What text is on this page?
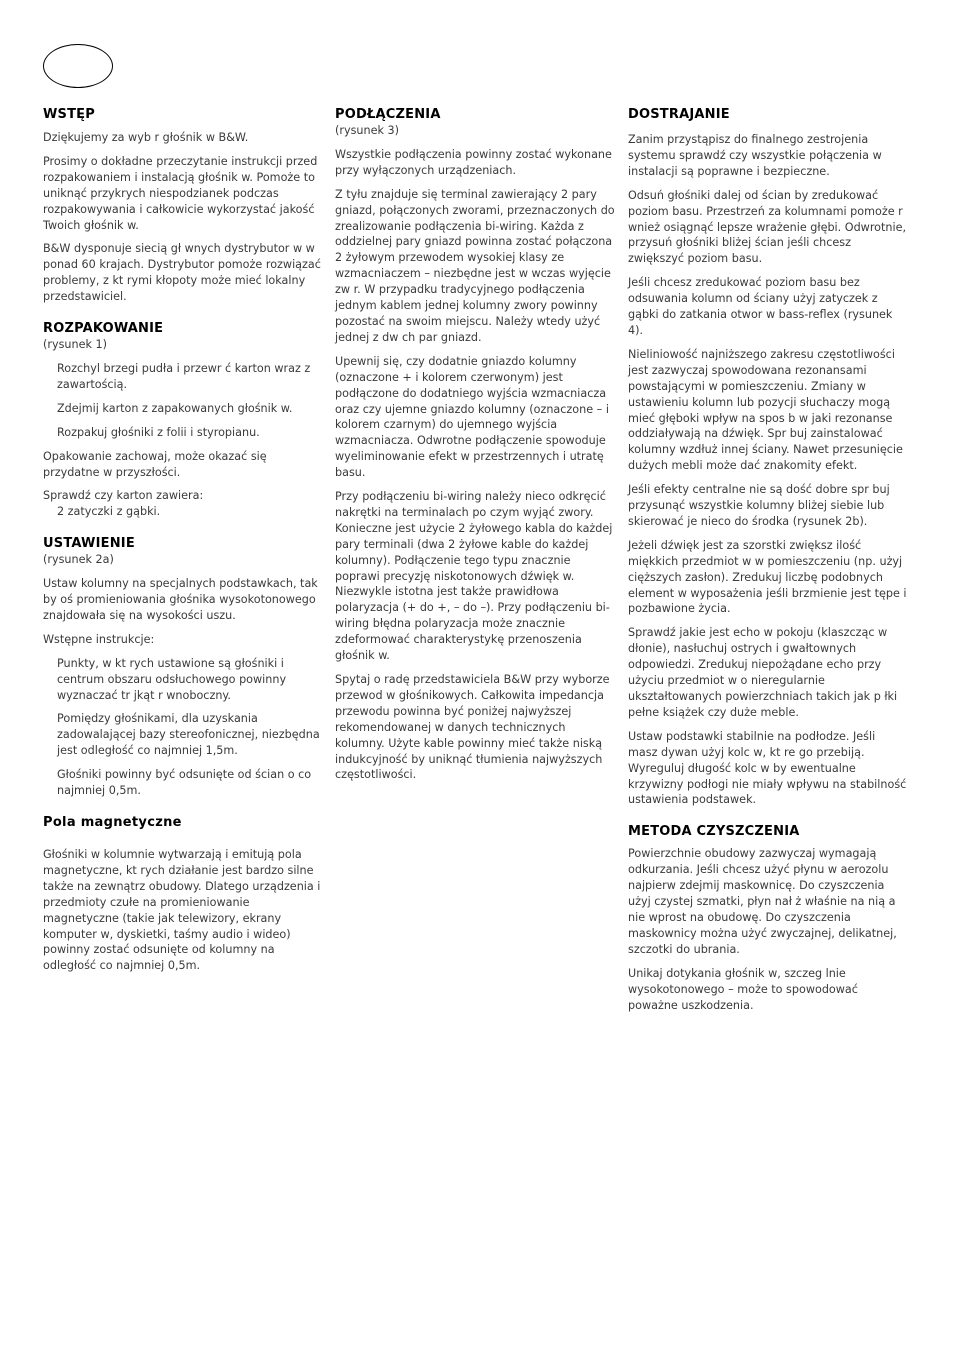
WSTĘP

Dziękujemy za wyb r głośnik w B&W.

Prosimy o dokładne przeczytanie instrukcji przed rozpakowaniem i instalacją głośnik w. Pomoże to uniknąć przykrych niespodzianek podczas rozpakowywania i całkowicie wykorzystać jakość Twoich głośnik w.

B&W dysponuje siecią gł wnych dystrybutor w w ponad 60 krajach. Dystrybutor pomoże rozwiązać problemy, z kt rymi kłopoty może mieć lokalny przedstawiciel.

ROZPAKOWANIE
(rysunek 1)

Rozchyl brzegi pudła i przewr ć karton wraz z zawartością.

Zdejmij karton z zapakowanych głośnik w.

Rozpakuj głośniki z folii i styropianu.

Opakowanie zachowaj, może okazać się przydatne w przyszłości.

Sprawdź czy karton zawiera:

2 zatyczki z gąbki.

USTAWIENIE
(rysunek 2a)

Ustaw kolumny na specjalnych podstawkach, tak by oś promieniowania głośnika wysokotonowego znajdowała się na wysokości uszu.

Wstępne instrukcje:

Punkty, w kt rych ustawione są głośniki i centrum obszaru odsłuchowego powinny wyznaczać tr jkąt r wnoboczny.

Pomiędzy głośnikami, dla uzyskania zadowalającej bazy stereofonicznej, niezbędna jest odległość co najmniej 1,5m.

Głośniki powinny być odsunięte od ścian o co najmniej 0,5m.

Pola magnetyczne

Głośniki w kolumnie wytwarzają i emitują pola magnetyczne, kt rych działanie jest bardzo silne także na zewnątrz obudowy. Dlatego urządzenia i przedmioty czułe na promieniowanie magnetyczne (takie jak telewizory, ekrany komputer w, dyskietki, taśmy audio i wideo) powinny zostać odsunięte od kolumny na odległość co najmniej 0,5m.

PODŁĄCZENIA
(rysunek 3)

Wszystkie podłączenia powinny zostać wykonane przy wyłączonych urządzeniach.

Z tyłu znajduje się terminal zawierający 2 pary gniazd, połączonych zworami, przeznaczonych do zrealizowanie podłączenia bi-wiring. Każda z oddzielnej pary gniazd powinna zostać połączona 2 żyłowym przewodem wysokiej klasy ze wzmacniaczem – niezbędne jest w wczas wyjęcie zw r. W przypadku tradycyjnego podłączenia jednym kablem jednej kolumny zwory powinny pozostać na swoim miejscu. Należy wtedy użyć jednej z dw ch par gniazd.

Upewnij się, czy dodatnie gniazdo kolumny (oznaczone + i kolorem czerwonym) jest podłączone do dodatniego wyjścia wzmacniacza oraz czy ujemne gniazdo kolumny (oznaczone – i kolorem czarnym) do ujemnego wyjścia wzmacniacza. Odwrotne podłączenie spowoduje wyeliminowanie efekt w przestrzennych i utratę basu.

Przy podłączeniu bi-wiring należy nieco odkręcić nakrętki na terminalach po czym wyjąć zwory. Konieczne jest użycie 2 żyłowego kabla do każdej pary terminali (dwa 2 żyłowe kable do każdej kolumny). Podłączenie tego typu znacznie poprawi precyzję niskotonowych dźwięk w. Niezwykle istotna jest także prawidłowa polaryzacja (+ do +, – do –). Przy podłączeniu bi-wiring błędna polaryzacja może znacznie zdeformować charakterystykę przenoszenia głośnik w.

Spytaj o radę przedstawiciela B&W przy wyborze przewod w głośnikowych. Całkowita impedancja przewodu powinna być poniżej najwyższej rekomendowanej w danych technicznych kolumny. Użyte kable powinny mieć także niską indukcyjność by uniknąć tłumienia najwyższych częstotliwości.

DOSTRAJANIE

Zanim przystąpisz do finalnego zestrojenia systemu sprawdź czy wszystkie połączenia w instalacji są poprawne i bezpieczne.

Odsuń głośniki dalej od ścian by zredukować poziom basu. Przestrzeń za kolumnami pomoże r wnież osiągnąć lepsze wrażenie głębi. Odwrotnie, przysuń głośniki bliżej ścian jeśli chcesz zwiększyć poziom basu.

Jeśli chcesz zredukować poziom basu bez odsuwania kolumn od ściany użyj zatyczek z gąbki do zatkania otwor w bass-reflex (rysunek 4).

Nieliniowość najniższego zakresu częstotliwości jest zazwyczaj spowodowana rezonansami powstającymi w pomieszczeniu. Zmiany w ustawieniu kolumn lub pozycji słuchaczy mogą mieć głęboki wpływ na spos b w jaki rezonanse oddziaływają na dźwięk. Spr buj zainstalować kolumny wzdłuż innej ściany. Nawet przesunięcie dużych mebli może dać znakomity efekt.

Jeśli efekty centralne nie są dość dobre spr buj przysunąć wszystkie kolumny bliżej siebie lub skierować je nieco do środka (rysunek 2b).

Jeżeli dźwięk jest za szorstki zwiększ ilość miękkich przedmiot w w pomieszczeniu (np. użyj cięższych zasłon). Zredukuj liczbę podobnych element w wyposażenia jeśli brzmienie jest tępe i pozbawione życia.

Sprawdź jakie jest echo w pokoju (klaszcząc w dłonie), nasłuchuj ostrych i gwałtownych odpowiedzi. Zredukuj niepożądane echo przy użyciu przedmiot w o nieregularnie ukształtowanych powierzchniach takich jak p łki pełne książek czy duże meble.

Ustaw podstawki stabilnie na podłodze. Jeśli masz dywan użyj kolc w, kt re go przebiją. Wyreguluj długość kolc w by ewentualne krzywizny podłogi nie miały wpływu na stabilność ustawienia podstawek.

METODA CZYSZCZENIA

Powierzchnie obudowy zazwyczaj wymagają odkurzania. Jeśli chcesz użyć płynu w aerozolu najpierw zdejmij maskownicę. Do czyszczenia użyj czystej szmatki, płyn nał ż właśnie na nią a nie wprost na obudowę. Do czyszczenia maskownicy można użyć zwyczajnej, delikatnej, szczotki do ubrania.

Unikaj dotykania głośnik w, szczeg lnie wysokotonowego – może to spowodować poważne uszkodzenia.
